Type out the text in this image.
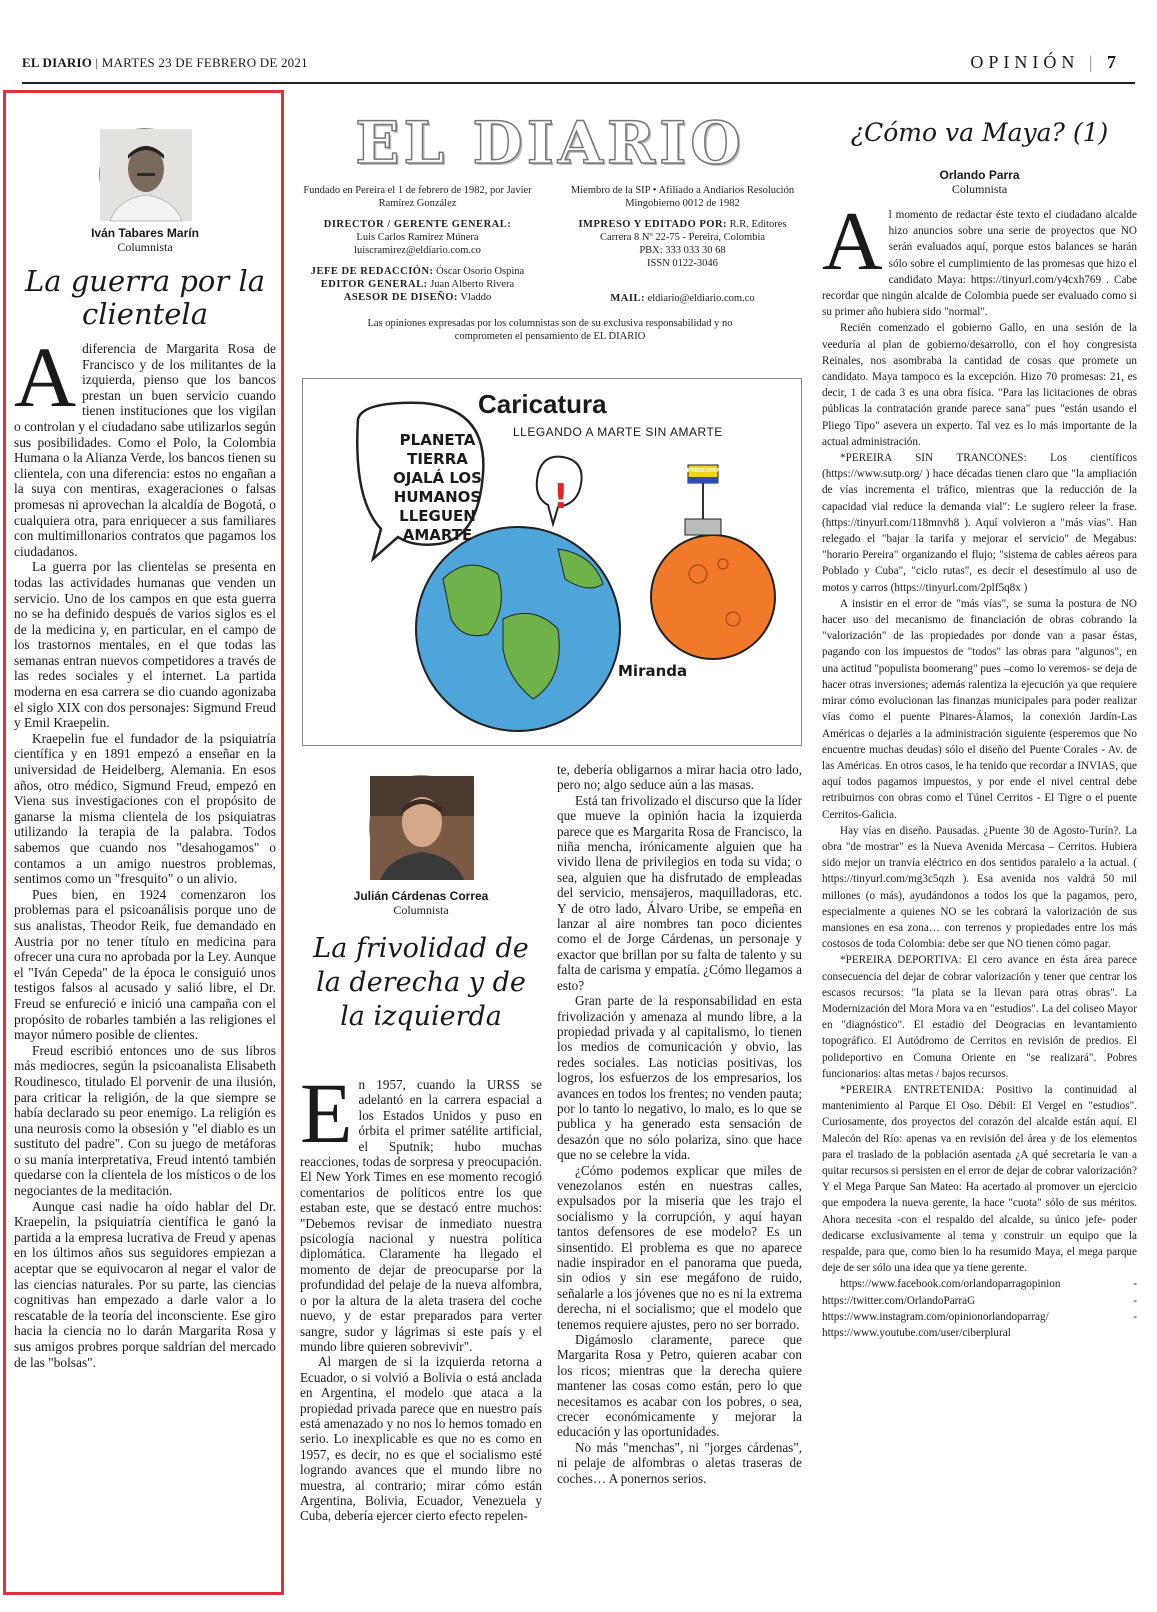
EL DIARIO | MARTES 23 DE FEBRERO DE 2021	OPINIÓN | 7
Iván Tabares Marín
Columnista
La guerra por la clientela
A diferencia de Margarita Rosa de Francisco y de los militantes de la izquierda, pienso que los bancos prestan un buen servicio cuando tienen instituciones que los vigilan o controlan y el ciudadano sabe utilizarlos según sus posibilidades. Como el Polo, la Colombia Humana o la Alianza Verde, los bancos tienen su clientela, con una diferencia: estos no engañan a la suya con mentiras, exageraciones o falsas promesas ni aprovechan la alcaldía de Bogotá, o cualquiera otra, para enriquecer a sus familiares con multimillonarios contratos que pagamos los ciudadanos.

La guerra por las clientelas se presenta en todas las actividades humanas que venden un servicio. Uno de los campos en que esta guerra no se ha definido después de varios siglos es el de la medicina y, en particular, en el campo de los trastornos mentales, en el que todas las semanas entran nuevos competidores a través de las redes sociales y el internet. La partida moderna en esa carrera se dio cuando agonizaba el siglo XIX con dos personajes: Sigmund Freud y Emil Kraepelin.

Kraepelin fue el fundador de la psiquiatría científica y en 1891 empezó a enseñar en la universidad de Heidelberg, Alemania. En esos años, otro médico, Sigmund Freud, empezó en Viena sus investigaciones con el propósito de ganarse la misma clientela de los psiquiatras utilizando la terapia de la palabra. Todos sabemos que cuando nos "desahogamos" o contamos a un amigo nuestros problemas, sentimos como un "fresquito" o un alivio.

Pues bien, en 1924 comenzaron los problemas para el psicoanálisis porque uno de sus analistas, Theodor Reik, fue demandado en Austria por no tener título en medicina para ofrecer una cura no aprobada por la Ley. Aunque el "Iván Cepeda" de la época le consiguió unos testigos falsos al acusado y salió libre, el Dr. Freud se enfureció e inició una campaña con el propósito de robarles también a las religiones el mayor número posible de clientes.

Freud escribió entonces uno de sus libros más mediocres, según la psicoanalista Elisabeth Roudinesco, titulado El porvenir de una ilusión, para criticar la religión, de la que siempre se había declarado su peor enemigo. La religión es una neurosis como la obsesión y "el diablo es un sustituto del padre". Con su juego de metáforas o su manía interpretativa, Freud intentó también quedarse con la clientela de los místicos o de los negociantes de la meditación.

Aunque casi nadie ha oído hablar del Dr. Kraepelin, la psiquiatría científica le ganó la partida a la empresa lucrativa de Freud y apenas en los últimos años sus seguidores empiezan a aceptar que se equivocaron al negar el valor de las ciencias naturales. Por su parte, las ciencias cognitivas han empezado a darle valor a lo rescatable de la teoría del inconsciente. Ese giro hacia la ciencia no lo darán Margarita Rosa y sus amigos probres porque saldrían del mercado de las "bolsas".

EL DIARIO
Fundado en Pereira el 1 de febrero de 1982, por Javier Ramírez González
DIRECTOR / GERENTE GENERAL:
Luis Carlos Ramírez Múnera
luiscramirez@eldiario.com.co
JEFE DE REDACCIÓN: Óscar Osorio Ospina
EDITOR GENERAL: Juan Alberto Rivera
ASESOR DE DISEÑO: Vladdo
Miembro de la SIP • Afiliado a Andiarios Resolución Mingobierno 0012 de 1982
IMPRESO Y EDITADO POR: R.R. Editores
Carrera 8 Nº 22-75 - Pereira, Colombia
PBX: 333 033 30 68
ISSN 0122-3046
MAIL: eldiario@eldiario.com.co
Las opiniones expresadas por los columnistas son de su exclusiva responsabilidad y no comprometen el pensamiento de EL DIARIO
Caricatura
LLEGANDO A MARTE SIN AMARTE
PLANETA
TIERRA
OJALÁ LOS
HUMANOS
LLEGUEN
AMARTE
!
PERSEVERANCE
Miranda
Julián Cárdenas Correa
Columnista
La frivolidad de la derecha y de la izquierda
E n 1957, cuando la URSS se adelantó en la carrera espacial a los Estados Unidos y puso en órbita el primer satélite artificial, el Sputnik; hubo muchas reacciones, todas de sorpresa y preocupación. El New York Times en ese momento recogió comentarios de políticos entre los que estaban este, que se destacó entre muchos: "Debemos revisar de inmediato nuestra psicología nacional y nuestra política diplomática. Claramente ha llegado el momento de dejar de preocuparse por la profundidad del pelaje de la nueva alfombra, o por la altura de la aleta trasera del coche nuevo, y de estar preparados para verter sangre, sudor y lágrimas si este país y el mundo libre quieren sobrevivir".

Al margen de si la izquierda retorna a Ecuador, o si volvió a Bolivia o está anclada en Argentina, el modelo que ataca a la propiedad privada parece que en nuestro país está amenazado y no nos lo hemos tomado en serio. Lo inexplicable es que no es como en 1957, es decir, no es que el socialismo esté logrando avances que el mundo libre no muestra, al contrario; mirar cómo están Argentina, Bolivia, Ecuador, Venezuela y Cuba, debería ejercer cierto efecto repelen-

te, debería obligarnos a mirar hacia otro lado, pero no; algo seduce aún a las masas.

Está tan frivolizado el discurso que la líder que mueve la opinión hacia la izquierda parece que es Margarita Rosa de Francisco, la niña mencha, irónicamente alguien que ha vivido llena de privilegios en toda su vida; o sea, alguien que ha disfrutado de empleadas del servicio, mensajeros, maquilladoras, etc. Y de otro lado, Álvaro Uribe, se empeña en lanzar al aire nombres tan poco dicientes como el de Jorge Cárdenas, un personaje y exactor que brillan por su falta de talento y su falta de carisma y empatía. ¿Cómo llegamos a esto?

Gran parte de la responsabilidad en esta frivolización y amenaza al mundo libre, a la propiedad privada y al capitalismo, lo tienen los medios de comunicación y obvio, las redes sociales. Las noticias positivas, los logros, los esfuerzos de los empresarios, los avances en todos los frentes; no venden pauta; por lo tanto lo negativo, lo malo, es lo que se publica y ha generado esta sensación de desazón que no sólo polariza, sino que hace que no se celebre la vida.

¿Cómo podemos explicar que miles de venezolanos estén en nuestras calles, expulsados por la miseria que les trajo el socialismo y la corrupción, y aquí hayan tantos defensores de ese modelo? Es un sinsentido. El problema es que no aparece nadie inspirador en el panorama que pueda, sin odios y sin ese megáfono de ruido, señalarle a los jóvenes que no es ni la extrema derecha, ni el socialismo; que el modelo que tenemos requiere ajustes, pero no ser borrado.

Digámoslo claramente, parece que Margarita Rosa y Petro, quieren acabar con los ricos; mientras que la derecha quiere mantener las cosas como están, pero lo que necesitamos es acabar con los pobres, o sea, crecer económicamente y mejorar la educación y las oportunidades.

No más "menchas", ni "jorges cárdenas", ni pelaje de alfombras o aletas traseras de coches… A ponernos serios.

¿Cómo va Maya? (1)
Orlando Parra
Columnista
A l momento de redactar éste texto el ciudadano alcalde hizo anuncios sobre una serie de proyectos que NO serán evaluados aquí, porque estos balances se harán sólo sobre el cumplimiento de las promesas que hizo el candidato Maya: https://tinyurl.com/y4cxh769 . Cabe recordar que ningún alcalde de Colombia puede ser evaluado como si su primer año hubiera sido "normal".

Recién comenzado el gobierno Gallo, en una sesión de la veeduría al plan de gobierno/desarrollo, con el hoy congresista Reinales, nos asombraba la cantidad de cosas que promete un candidato. Maya tampoco es la excepción. Hizo 70 promesas: 21, es decir, 1 de cada 3 es una obra física. "Para las licitaciones de obras públicas la contratación grande parece sana" pues "están usando el Pliego Tipo" asevera un experto. Tal vez es lo más importante de la actual administración.

*PEREIRA SIN TRANCONES: Los científicos (https://www.sutp.org/ ) hace décadas tienen claro que "la ampliación de vías incrementa el tráfico, mientras que la reducción de la capacidad vial reduce la demanda vial": Le sugiero releer la frase. (https://tinyurl.com/118mnvh8 ). Aquí volvieron a "más vías". Han relegado el "bajar la tarifa y mejorar el servicio" de Megabus: "horario Pereira" organizando el flujo; "sistema de cables aéreos para Poblado y Cuba", "ciclo rutas", es decir el desestímulo al uso de motos y carros (https://tinyurl.com/2plf5q8x )

A insistir en el error de "más vías", se suma la postura de NO hacer uso del mecanismo de financiación de obras cobrando la "valorización" de las propiedades por donde van a pasar éstas, pagando con los impuestos de "todos" las obras para "algunos", en una actitud "populista boomerang" pues –como lo veremos- se deja de hacer otras inversiones; además ralentiza la ejecución ya que requiere mirar cómo evolucionan las finanzas municipales para poder realizar vías como el puente Pinares-Álamos, la conexión Jardín-Las Américas o dejarles a la administración siguiente (esperemos que No encuentre muchas deudas) sólo el diseño del Puente Corales - Av. de las Américas. En otros casos, le ha tenido que recordar a INVIAS, que aquí todos pagamos impuestos, y por ende el nivel central debe retribuirnos con obras como el Túnel Cerritos - El Tigre o el puente Cerritos-Galicia.

Hay vías en diseño. Pausadas. ¿Puente 30 de Agosto-Turín?. La obra "de mostrar" es la Nueva Avenida Mercasa – Cerritos. Hubiera sido mejor un tranvía eléctrico en dos sentidos paralelo a la actual. ( https://tinyurl.com/mg3c5qzh ). Esa avenida nos valdrá 50 mil millones (o más), ayudándonos a todos los que la pagamos, pero, especialmente a quienes NO se les cobrará la valorización de sus mansiones en esa zona… con terrenos y propiedades entre los más costosos de toda Colombia: debe ser que NO tienen cómo pagar.

*PEREIRA DEPORTIVA: El cero avance en ésta área parece consecuencia del dejar de cobrar valorización y tener que centrar los escasos recursos: "la plata se la llevan para otras obras". La Modernización del Mora Mora va en "estudios". La del coliseo Mayor en "diagnóstico". El estadio del Deogracias en levantamiento topográfico. El Autódromo de Cerritos en revisión de predios. El polideportivo en Comuna Oriente en "se realizará". Pobres funcionarios: altas metas / bajos recursos.

*PEREIRA ENTRETENIDA: Positivo la continuidad al mantenimiento al Parque El Oso. Débil: El Vergel en "estudios". Curiosamente, dos proyectos del corazón del alcalde están aquí. El Malecón del Río: apenas va en revisión del área y de los elementos para el traslado de la población asentada ¿A qué secretaria le van a quitar recursos si persisten en el error de dejar de cobrar valorización? Y el Mega Parque San Mateo: Ha acertado al promover un ejercicio que empodera la nueva gerente, la hace "cuota" sólo de sus méritos. Ahora necesita -con el respaldo del alcalde, su único jefe- poder dedicarse exclusivamente al tema y construir un equipo que la respalde, para que, como bien lo ha resumido Maya, el mega parque deje de ser sólo una idea que ya tiene gerente.

https://www.facebook.com/orlandoparragopinion - https://twitter.com/OrlandoParraG - https://www.instagram.com/opinionorlandoparrag/ - https://www.youtube.com/user/ciberplural
